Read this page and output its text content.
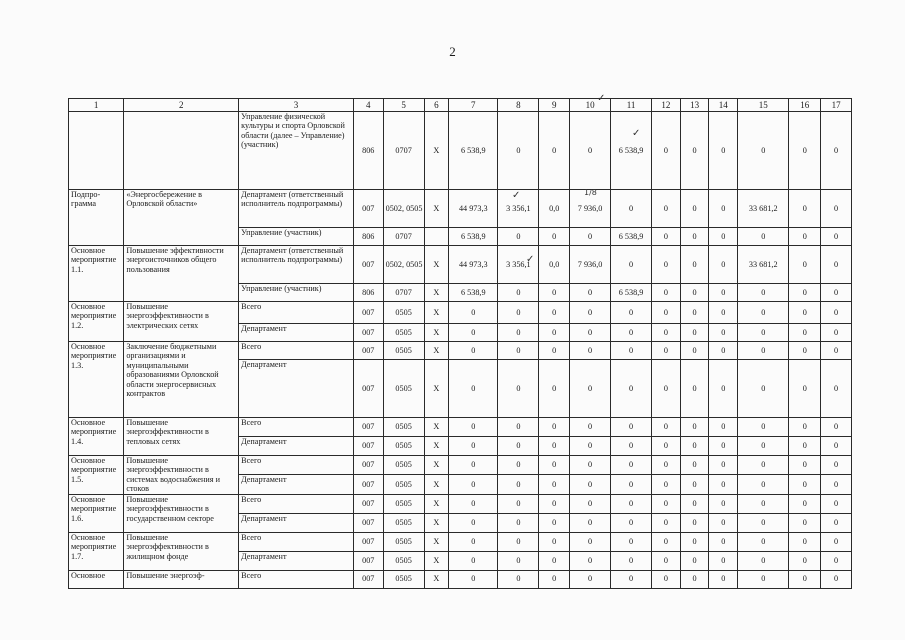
2
1	2	3	4	5	6	7	8	9	10	11	12	13	14	15	16	17
		Управление физической культуры и спорта Орловской области (далее – Управление) (участник)	806	0707	Х	6 538,9	0	0	0	6 538,9	0	0	0	0	0	0
Подпро-грамма	«Энергосбережение в Орловской области»	Департамент (ответственный исполнитель подпрограммы)	007	0502, 0505	Х	44 973,3	3 356,1	0,0	7 936,0	0	0	0	0	33 681,2	0	0
		Управление (участник)	806	0707		6 538,9	0	0	0	6 538,9	0	0	0	0	0	0
Основное мероприятие 1.1.	Повышение эффективности энергоисточников общего пользования	Департамент (ответственный исполнитель подпрограммы)	007	0502, 0505	Х	44 973,3	3 356,1	0,0	7 936,0	0	0	0	0	33 681,2	0	0
		Управление (участник)	806	0707	Х	6 538,9	0	0	0	6 538,9	0	0	0	0	0	0
Основное мероприятие 1.2.	Повышение энергоэффективности в электрических сетях	Всего	007	0505	Х	0	0	0	0	0	0	0	0	0	0	0
		Департамент	007	0505	Х	0	0	0	0	0	0	0	0	0	0	0
Основное мероприятие 1.3.	Заключение бюджетными организациями и муниципальными образованиями Орловской области энергосервисных контрактов	Всего	007	0505	Х	0	0	0	0	0	0	0	0	0	0	0
		Департамент	007	0505	Х	0	0	0	0	0	0	0	0	0	0	0
Основное мероприятие 1.4.	Повышение энергоэффективности в тепловых сетях	Всего	007	0505	Х	0	0	0	0	0	0	0	0	0	0	0
		Департамент	007	0505	Х	0	0	0	0	0	0	0	0	0	0	0
Основное мероприятие 1.5.	Повышение энергоэффективности в системах водоснабжения и стоков	Всего	007	0505	Х	0	0	0	0	0	0	0	0	0	0	0
		Департамент	007	0505	Х	0	0	0	0	0	0	0	0	0	0	0
Основное мероприятие 1.6.	Повышение энергоэффективности в государственном секторе	Всего	007	0505	Х	0	0	0	0	0	0	0	0	0	0	0
		Департамент	007	0505	Х	0	0	0	0	0	0	0	0	0	0	0
Основное мероприятие 1.7.	Повышение энергоэффективности в жилищном фонде	Всего	007	0505	Х	0	0	0	0	0	0	0	0	0	0	0
		Департамент	007	0505	Х	0	0	0	0	0	0	0	0	0	0	0
Основное	Повышение энергоэф-	Всего	007	0505	Х	0	0	0	0	0	0	0	0	0	0	0
✓
✓
✓	1/8
✓
